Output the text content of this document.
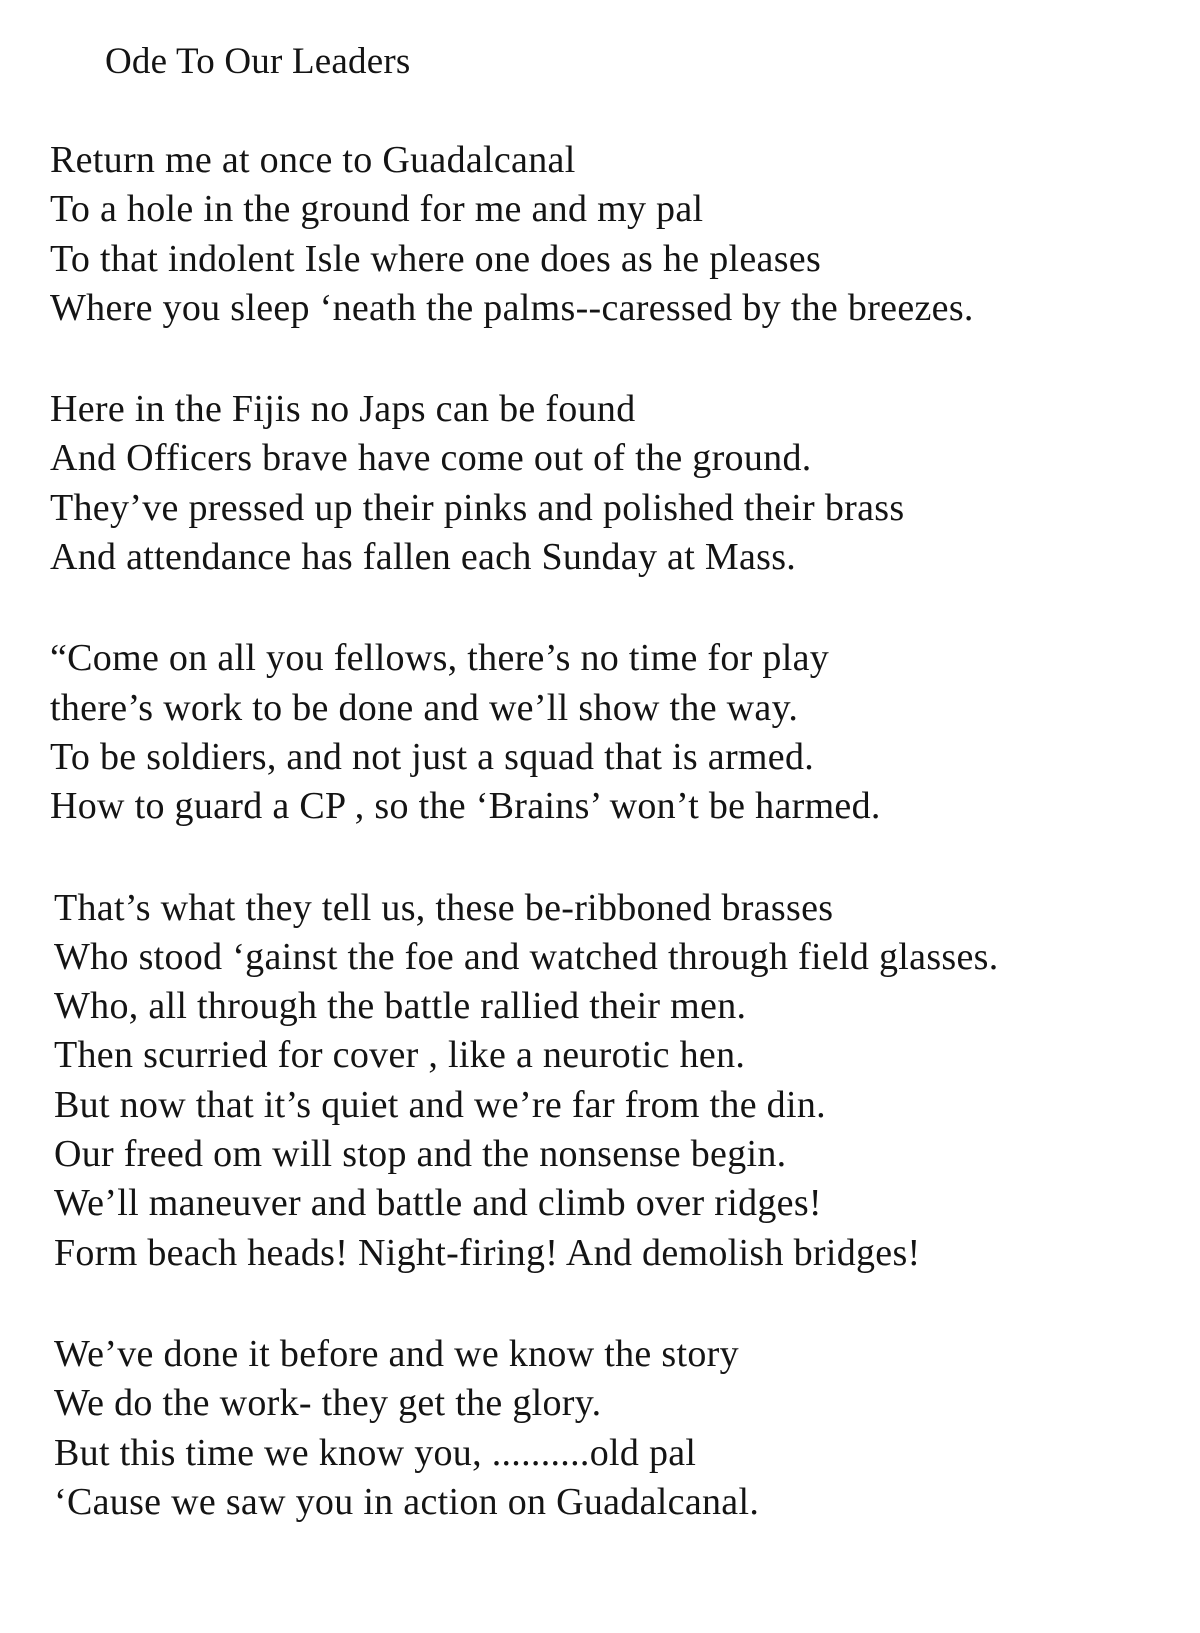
Ode To Our Leaders
Return me at once to Guadalcanal
To a hole in the ground for me and my pal
To that indolent Isle where one does as he pleases
Where you sleep ‘neath the palms--caressed by the breezes.
Here in the Fijis no Japs can be found
And Officers brave have come out of the ground.
They’ve pressed up their pinks and polished their brass
And attendance has fallen each Sunday at Mass.
“Come on all you fellows, there’s no time for play
there’s work to be done and we’ll show the way.
To be soldiers, and not just a squad that is armed.
How to guard a CP , so the ‘Brains’ won’t be harmed.
That’s what they tell us, these be-ribboned brasses
Who stood ‘gainst the foe and watched through field glasses.
Who, all through the battle rallied their men.
Then scurried for cover , like a neurotic hen.
But now that it’s quiet and we’re far from the din.
Our freed om will stop and the nonsense begin.
We’ll maneuver and battle and climb over ridges!
Form beach heads! Night-firing! And demolish bridges!
We’ve done it before and we know the story
We do the work- they get the glory.
But this time we know you, ..........old pal
‘Cause we saw you in action on Guadalcanal.
